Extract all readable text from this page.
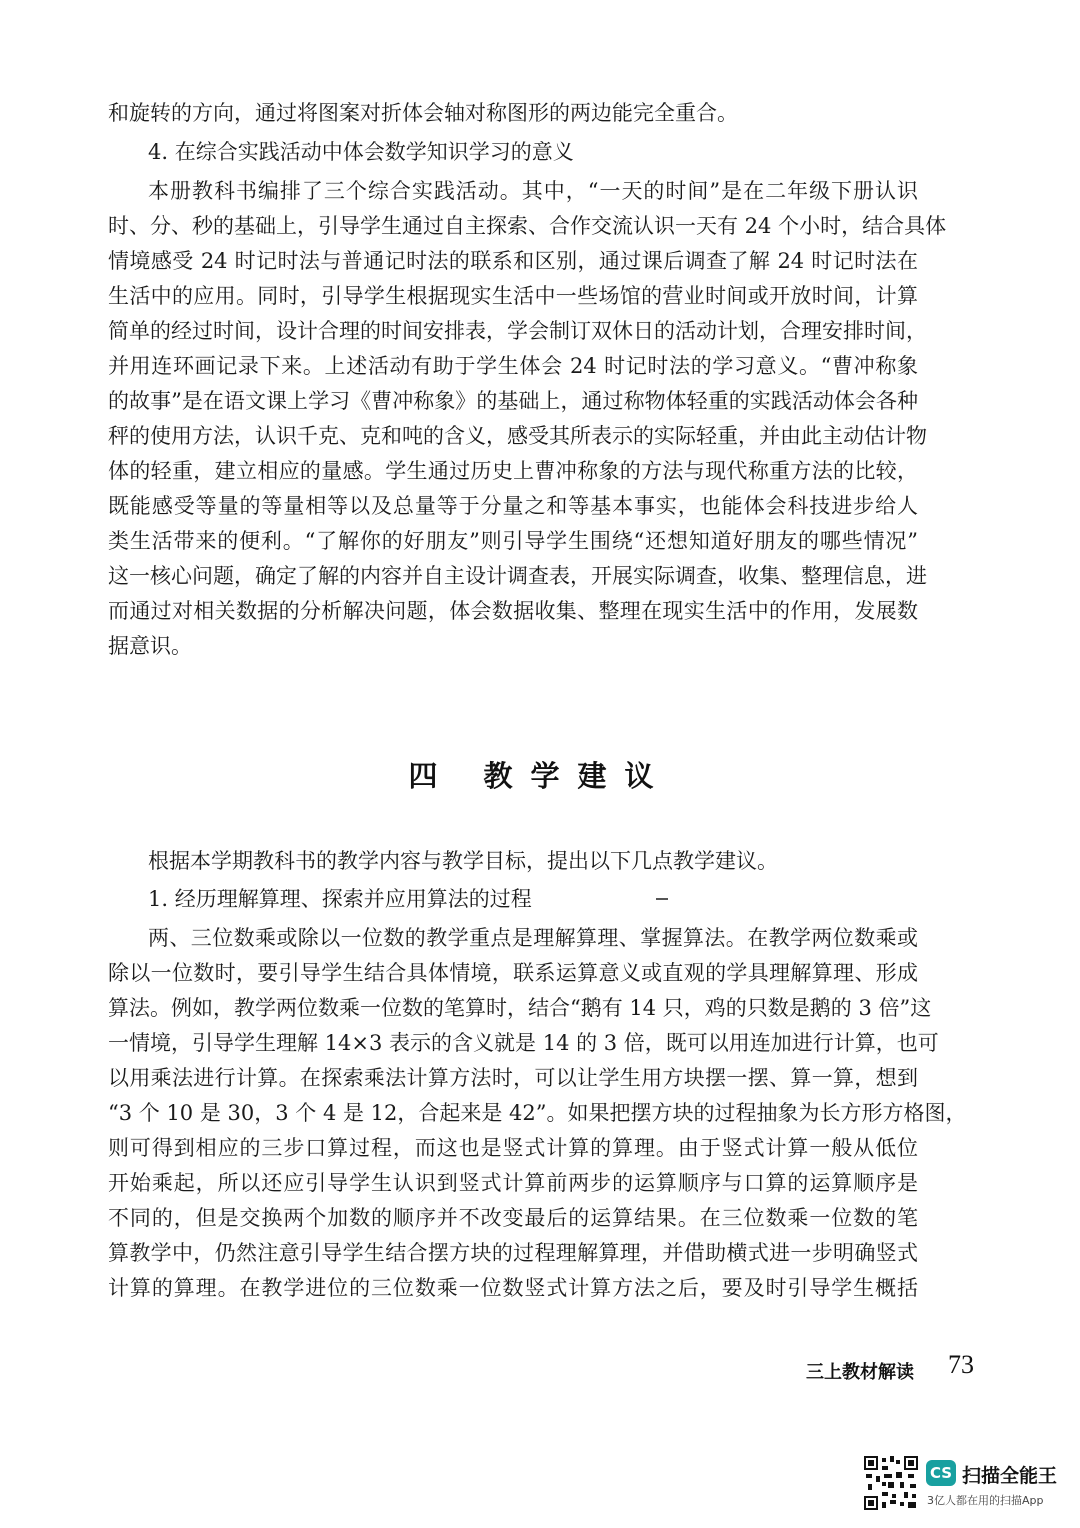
和旋转的方向，通过将图案对折体会轴对称图形的两边能完全重合。
4. 在综合实践活动中体会数学知识学习的意义
本册教科书编排了三个综合实践活动。其中，“一天的时间”是在二年级下册认识
时、分、秒的基础上，引导学生通过自主探索、合作交流认识一天有 24 个小时，结合具体
情境感受 24 时记时法与普通记时法的联系和区别，通过课后调查了解 24 时记时法在
生活中的应用。同时，引导学生根据现实生活中一些场馆的营业时间或开放时间，计算
简单的经过时间，设计合理的时间安排表，学会制订双休日的活动计划，合理安排时间，
并用连环画记录下来。上述活动有助于学生体会 24 时记时法的学习意义。“曹冲称象
的故事”是在语文课上学习《曹冲称象》的基础上，通过称物体轻重的实践活动体会各种
秤的使用方法，认识千克、克和吨的含义，感受其所表示的实际轻重，并由此主动估计物
体的轻重，建立相应的量感。学生通过历史上曹冲称象的方法与现代称重方法的比较，
既能感受等量的等量相等以及总量等于分量之和等基本事实，也能体会科技进步给人
类生活带来的便利。“了解你的好朋友”则引导学生围绕“还想知道好朋友的哪些情况”
这一核心问题，确定了解的内容并自主设计调查表，开展实际调查，收集、整理信息，进
而通过对相关数据的分析解决问题，体会数据收集、整理在现实生活中的作用，发展数
据意识。
四 教学建议
根据本学期教科书的教学内容与教学目标，提出以下几点教学建议。
1. 经历理解算理、探索并应用算法的过程
两、三位数乘或除以一位数的教学重点是理解算理、掌握算法。在教学两位数乘或
除以一位数时，要引导学生结合具体情境，联系运算意义或直观的学具理解算理、形成
算法。例如，教学两位数乘一位数的笔算时，结合“鹅有 14 只，鸡的只数是鹅的 3 倍”这
一情境，引导学生理解 14×3 表示的含义就是 14 的 3 倍，既可以用连加进行计算，也可
以用乘法进行计算。在探索乘法计算方法时，可以让学生用方块摆一摆、算一算，想到
“3 个 10 是 30，3 个 4 是 12，合起来是 42”。如果把摆方块的过程抽象为长方形方格图，
则可得到相应的三步口算过程，而这也是竖式计算的算理。由于竖式计算一般从低位
开始乘起，所以还应引导学生认识到竖式计算前两步的运算顺序与口算的运算顺序是
不同的，但是交换两个加数的顺序并不改变最后的运算结果。在三位数乘一位数的笔
算教学中，仍然注意引导学生结合摆方块的过程理解算理，并借助横式进一步明确竖式
计算的算理。在教学进位的三位数乘一位数竖式计算方法之后，要及时引导学生概括
三上教材解读 73
CS 扫描全能王
3亿人都在用的扫描App
